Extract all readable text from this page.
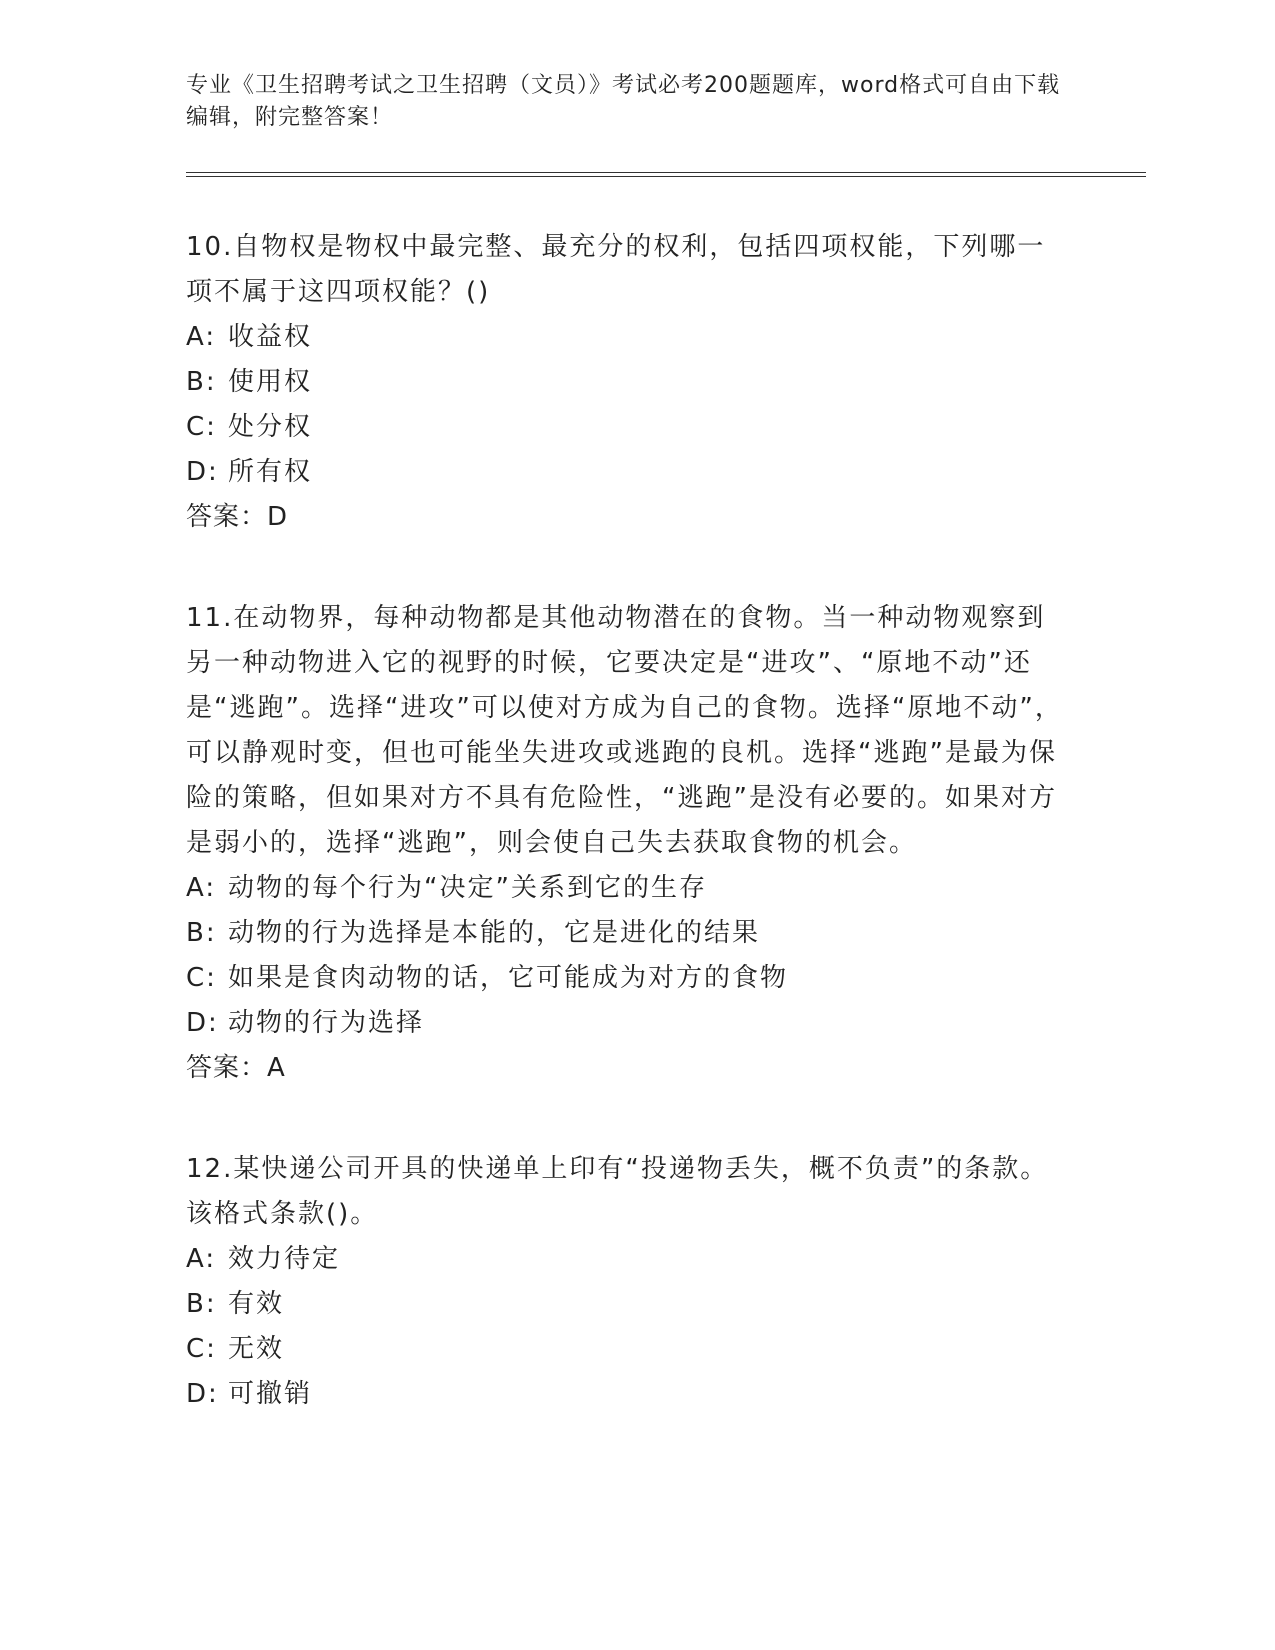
专业《卫生招聘考试之卫生招聘（文员）》考试必考200题题库，word格式可自由下载编辑，附完整答案！

10.自物权是物权中最完整、最充分的权利，包括四项权能，下列哪一项不属于这四项权能？()

A: 收益权

B: 使用权

C: 处分权

D: 所有权

答案：D

11.在动物界，每种动物都是其他动物潜在的食物。当一种动物观察到另一种动物进入它的视野的时候，它要决定是“进攻”、“原地不动”还是“逃跑”。选择“进攻”可以使对方成为自己的食物。选择“原地不动”，可以静观时变，但也可能坐失进攻或逃跑的良机。选择“逃跑”是最为保险的策略，但如果对方不具有危险性，“逃跑”是没有必要的。如果对方是弱小的，选择“逃跑”，则会使自己失去获取食物的机会。

A: 动物的每个行为“决定”关系到它的生存

B: 动物的行为选择是本能的，它是进化的结果

C: 如果是食肉动物的话，它可能成为对方的食物

D: 动物的行为选择

答案：A

12.某快递公司开具的快递单上印有“投递物丢失，概不负责”的条款。该格式条款()。

A: 效力待定

B: 有效

C: 无效

D: 可撤销
